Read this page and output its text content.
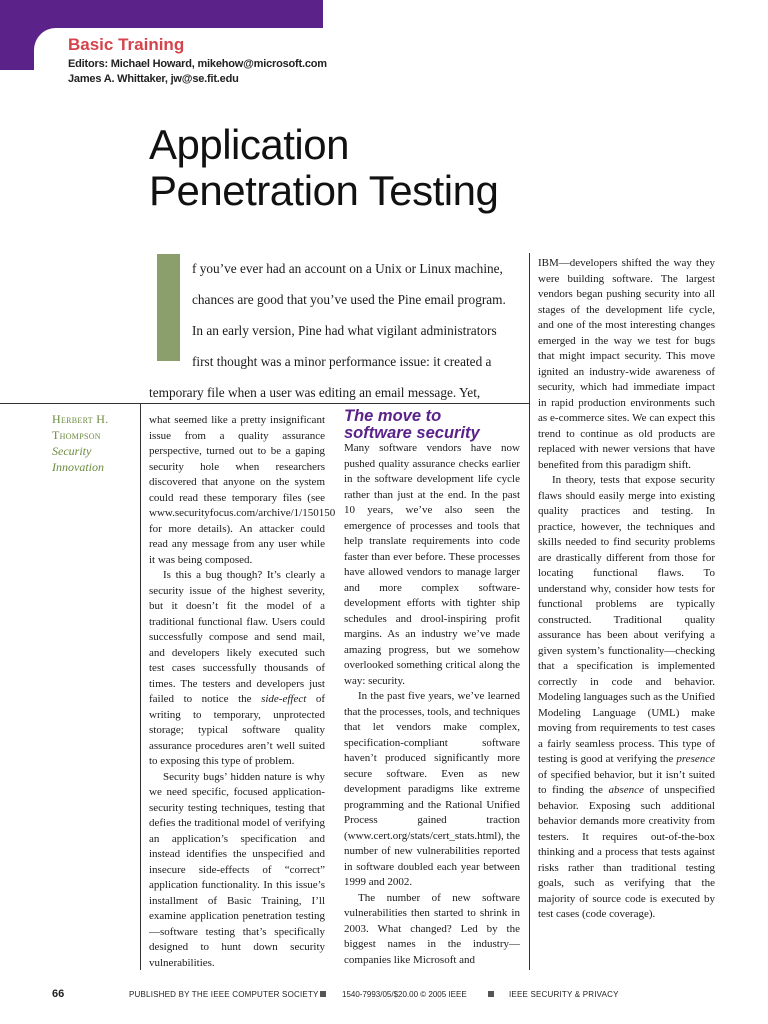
Basic Training
Editors: Michael Howard, mikehow@microsoft.com
James A. Whittaker, jw@se.fit.edu
Application
Penetration Testing
f you’ve ever had an account on a Unix or Linux machine,
chances are good that you’ve used the Pine email program.
In an early version, Pine had what vigilant administrators
first thought was a minor performance issue: it created a
temporary file when a user was editing an email message. Yet,
Herbert H.
Thompson
Security
Innovation

what seemed like a pretty insignificant issue from a quality assurance perspective, turned out to be a gaping security hole when researchers discovered that anyone on the system could read these temporary files (see www.securityfocus.com/archive/1/150150 for more details). An attacker could read any message from any user while it was being composed.

Is this a bug though? It’s clearly a security issue of the highest severity, but it doesn’t fit the model of a traditional functional flaw. Users could successfully compose and send mail, and developers likely executed such test cases successfully thousands of times. The testers and developers just failed to notice the side-effect of writing to temporary, unprotected storage; typical software quality assurance procedures aren’t well suited to exposing this type of problem.

Security bugs’ hidden nature is why we need specific, focused application-security testing techniques, testing that defies the traditional model of verifying an application’s specification and instead identifies the unspecified and insecure side-effects of “correct” application functionality. In this issue’s installment of Basic Training, I’ll examine application penetration testing—software testing that’s specifically designed to hunt down security vulnerabilities.

The move to
software security

Many software vendors have now pushed quality assurance checks earlier in the software development life cycle rather than just at the end. In the past 10 years, we’ve also seen the emergence of processes and tools that help translate requirements into code faster than ever before. These processes have allowed vendors to manage larger and more complex software-development efforts with tighter ship schedules and drool-inspiring profit margins. As an industry we’ve made amazing progress, but we somehow overlooked something critical along the way: security.

In the past five years, we’ve learned that the processes, tools, and techniques that let vendors make complex, specification-compliant software haven’t produced significantly more secure software. Even as new development paradigms like extreme programming and the Rational Unified Process gained traction (www.cert.org/stats/cert_stats.html), the number of new vulnerabilities reported in software doubled each year between 1999 and 2002.

The number of new software vulnerabilities then started to shrink in 2003. What changed? Led by the biggest names in the industry—companies like Microsoft and

IBM—developers shifted the way they were building software. The largest vendors began pushing security into all stages of the development life cycle, and one of the most interesting changes emerged in the way we test for bugs that might impact security. This move ignited an industry-wide awareness of security, which had immediate impact in rapid production environments such as e-commerce sites. We can expect this trend to continue as old products are replaced with newer versions that have benefited from this paradigm shift.

In theory, tests that expose security flaws should easily merge into existing quality practices and testing. In practice, however, the techniques and skills needed to find security problems are drastically different from those for locating functional flaws. To understand why, consider how tests for functional problems are typically constructed. Traditional quality assurance has been about verifying a given system’s functionality—checking that a specification is implemented correctly in code and behavior. Modeling languages such as the Unified Modeling Language (UML) make moving from requirements to test cases a fairly seamless process. This type of testing is good at verifying the presence of specified behavior, but it isn’t suited to finding the absence of unspecified behavior. Exposing such additional behavior demands more creativity from testers. It requires out-of-the-box thinking and a process that tests against risks rather than traditional testing goals, such as verifying that the majority of source code is executed by test cases (code coverage).

66	PUBLISHED BY THE IEEE COMPUTER SOCIETY	1540-7993/05/$20.00 © 2005 IEEE	IEEE SECURITY & PRIVACY
